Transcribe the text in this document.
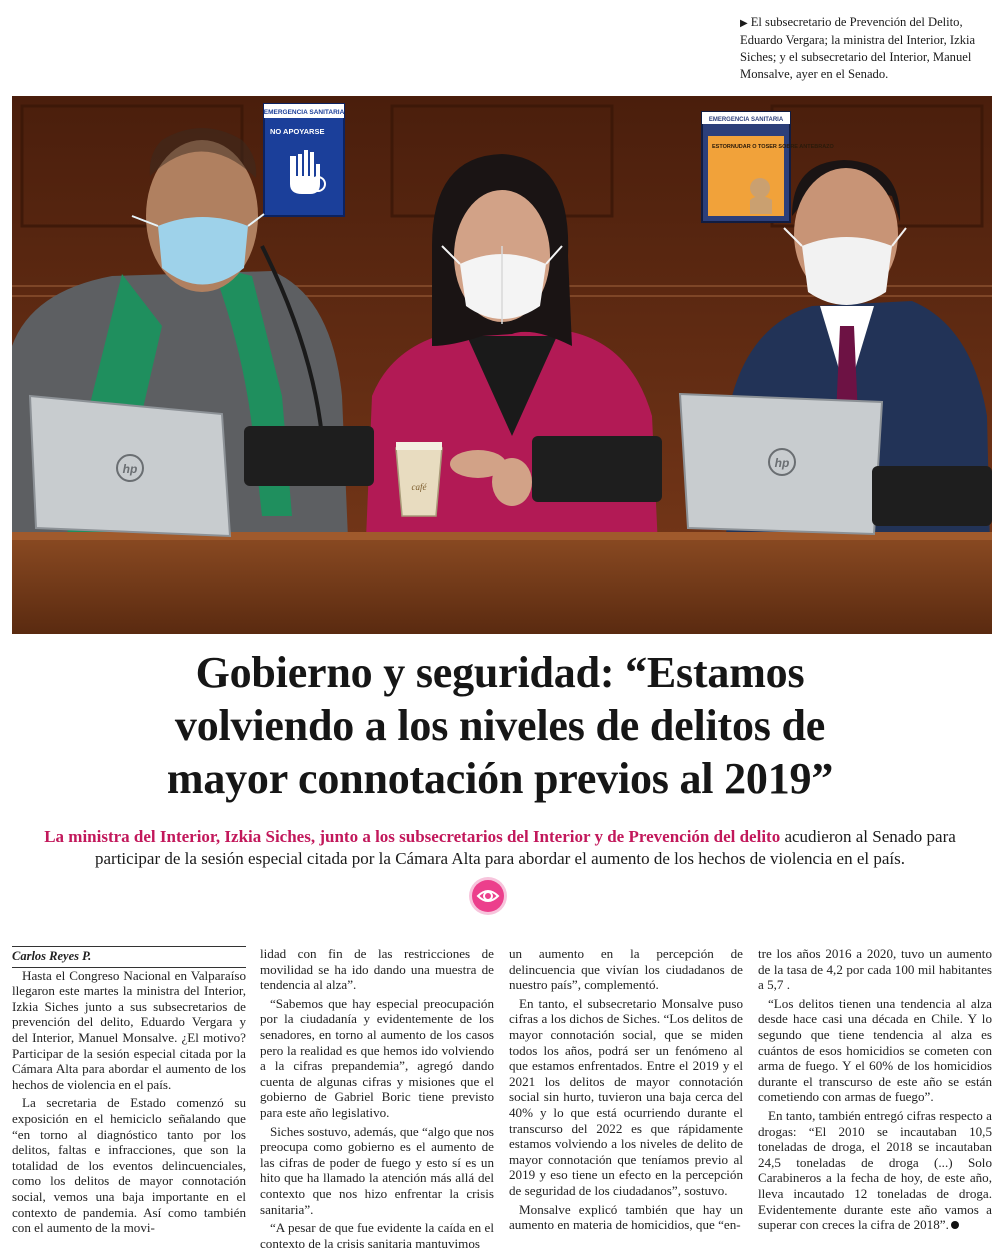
▶ El subsecretario de Prevención del Delito, Eduardo Vergara; la ministra del Interior, Izkia Siches; y el subsecretario del Interior, Manuel Monsalve, ayer en el Senado.
EMERGENCIA SANITARIA
NO APOYARSE
EMERGENCIA SANITARIA
ESTORNUDAR O TOSER SOBRE ANTEBRAZO
hp	hp
café
Gobierno y seguridad: “Estamos
volviendo a los niveles de delitos de
mayor connotación previos al 2019”

La ministra del Interior, Izkia Siches, junto a los subsecretarios del Interior y de Prevención del delito acudieron al Senado para participar de la sesión especial citada por la Cámara Alta para abordar el aumento de los hechos de violencia en el país.

Carlos Reyes P.

Hasta el Congreso Nacional en Valparaíso llegaron este martes la ministra del Interior, Izkia Siches junto a sus subsecretarios de prevención del delito, Eduardo Vergara y del Interior, Manuel Monsalve. ¿El motivo? Participar de la sesión especial citada por la Cámara Alta para abordar el aumento de los hechos de violencia en el país.

La secretaria de Estado comenzó su exposición en el hemiciclo señalando que “en torno al diagnóstico tanto por los delitos, faltas e infracciones, que son la totalidad de los eventos delincuenciales, como los delitos de mayor connotación social, vemos una baja importante en el contexto de pandemia. Así como también con el aumento de la movi-

lidad con fin de las restricciones de movilidad se ha ido dando una muestra de tendencia al alza”.

“Sabemos que hay especial preocupación por la ciudadanía y evidentemente de los senadores, en torno al aumento de los casos pero la realidad es que hemos ido volviendo a la cifras prepandemia”, agregó dando cuenta de algunas cifras y misiones que el gobierno de Gabriel Boric tiene previsto para este año legislativo.

Siches sostuvo, además, que “algo que nos preocupa como gobierno es el aumento de las cifras de poder de fuego y esto sí es un hito que ha llamado la atención más allá del contexto que nos hizo enfrentar la crisis sanitaria”.

“A pesar de que fue evidente la caída en el contexto de la crisis sanitaria mantuvimos

un aumento en la percepción de delincuencia que vivían los ciudadanos de nuestro país”, complementó.

En tanto, el subsecretario Monsalve puso cifras a los dichos de Siches. “Los delitos de mayor connotación social, que se miden todos los años, podrá ser un fenómeno al que estamos enfrentados. Entre el 2019 y el 2021 los delitos de mayor connotación social sin hurto, tuvieron una baja cerca del 40% y lo que está ocurriendo durante el transcurso del 2022 es que rápidamente estamos volviendo a los niveles de delito de mayor connotación que teníamos previo al 2019 y eso tiene un efecto en la percepción de seguridad de los ciudadanos”, sostuvo.

Monsalve explicó también que hay un aumento en materia de homicidios, que “en-

tre los años 2016 a 2020, tuvo un aumento de la tasa de 4,2 por cada 100 mil habitantes a 5,7 .

“Los delitos tienen una tendencia al alza desde hace casi una década en Chile. Y lo segundo que tiene tendencia al alza es cuántos de esos homicidios se cometen con arma de fuego. Y el 60% de los homicidios durante el transcurso de este año se están cometiendo con armas de fuego”.

En tanto, también entregó cifras respecto a drogas: “El 2010 se incautaban 10,5 toneladas de droga, el 2018 se incautaban 24,5 toneladas de droga (...) Solo Carabineros a la fecha de hoy, de este año, lleva incautado 12 toneladas de droga. Evidentemente durante este año vamos a superar con creces la cifra de 2018”.
